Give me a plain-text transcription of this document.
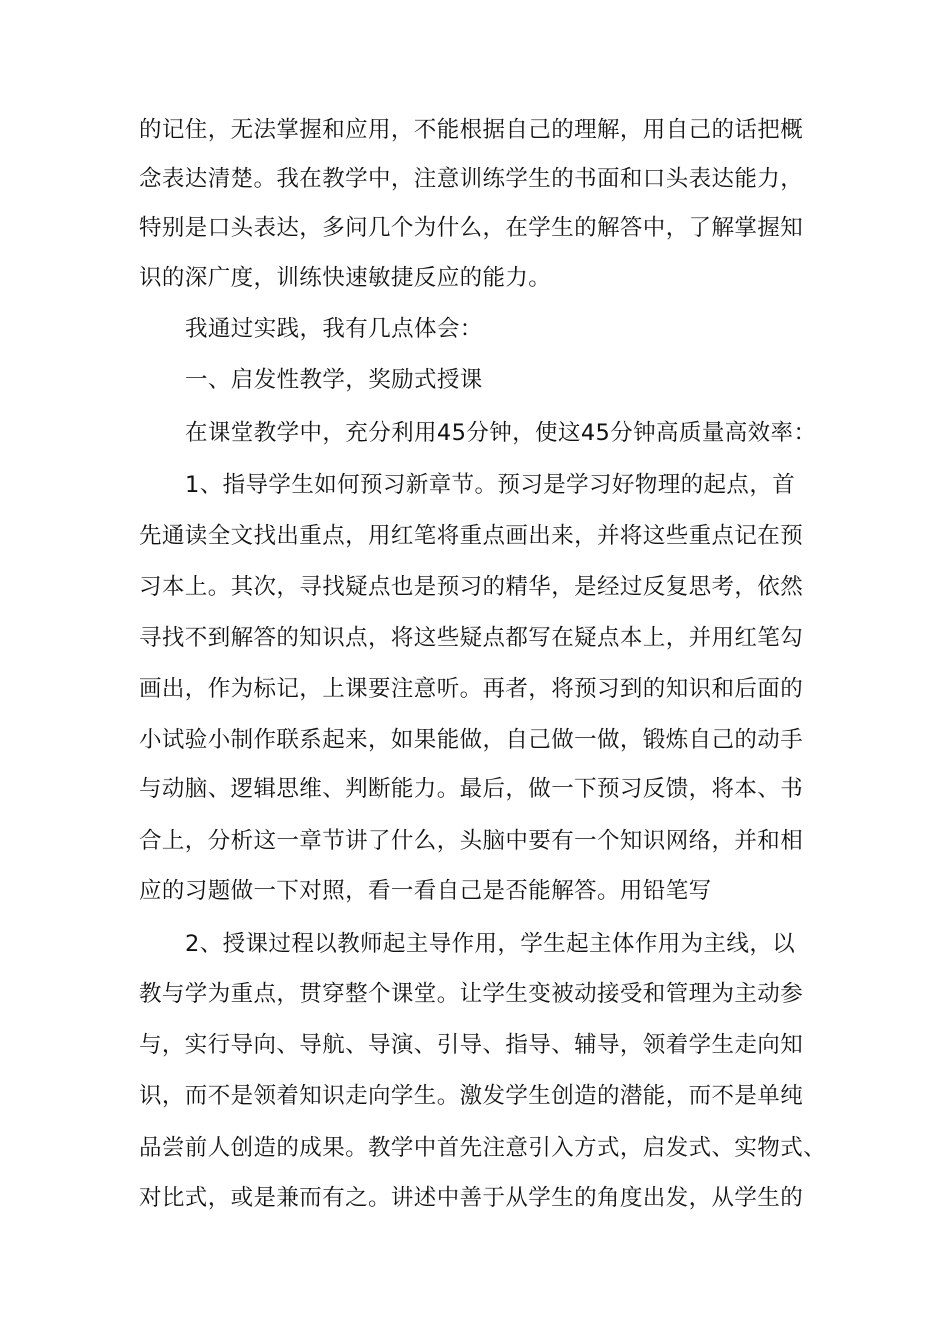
的记住，无法掌握和应用，不能根据自己的理解，用自己的话把概
念表达清楚。我在教学中，注意训练学生的书面和口头表达能力，
特别是口头表达，多问几个为什么，在学生的解答中，了解掌握知
识的深广度，训练快速敏捷反应的能力。
我通过实践，我有几点体会：
一、启发性教学，奖励式授课
在课堂教学中，充分利用45分钟，使这45分钟高质量高效率：
1、指导学生如何预习新章节。预习是学习好物理的起点，首
先通读全文找出重点，用红笔将重点画出来，并将这些重点记在预
习本上。其次，寻找疑点也是预习的精华，是经过反复思考，依然
寻找不到解答的知识点，将这些疑点都写在疑点本上，并用红笔勾
画出，作为标记，上课要注意听。再者，将预习到的知识和后面的
小试验小制作联系起来，如果能做，自己做一做，锻炼自己的动手
与动脑、逻辑思维、判断能力。最后，做一下预习反馈，将本、书
合上，分析这一章节讲了什么，头脑中要有一个知识网络，并和相
应的习题做一下对照，看一看自己是否能解答。用铅笔写
2、授课过程以教师起主导作用，学生起主体作用为主线，以
教与学为重点，贯穿整个课堂。让学生变被动接受和管理为主动参
与，实行导向、导航、导演、引导、指导、辅导，领着学生走向知
识，而不是领着知识走向学生。激发学生创造的潜能，而不是单纯
品尝前人创造的成果。教学中首先注意引入方式，启发式、实物式、
对比式，或是兼而有之。讲述中善于从学生的角度出发，从学生的
